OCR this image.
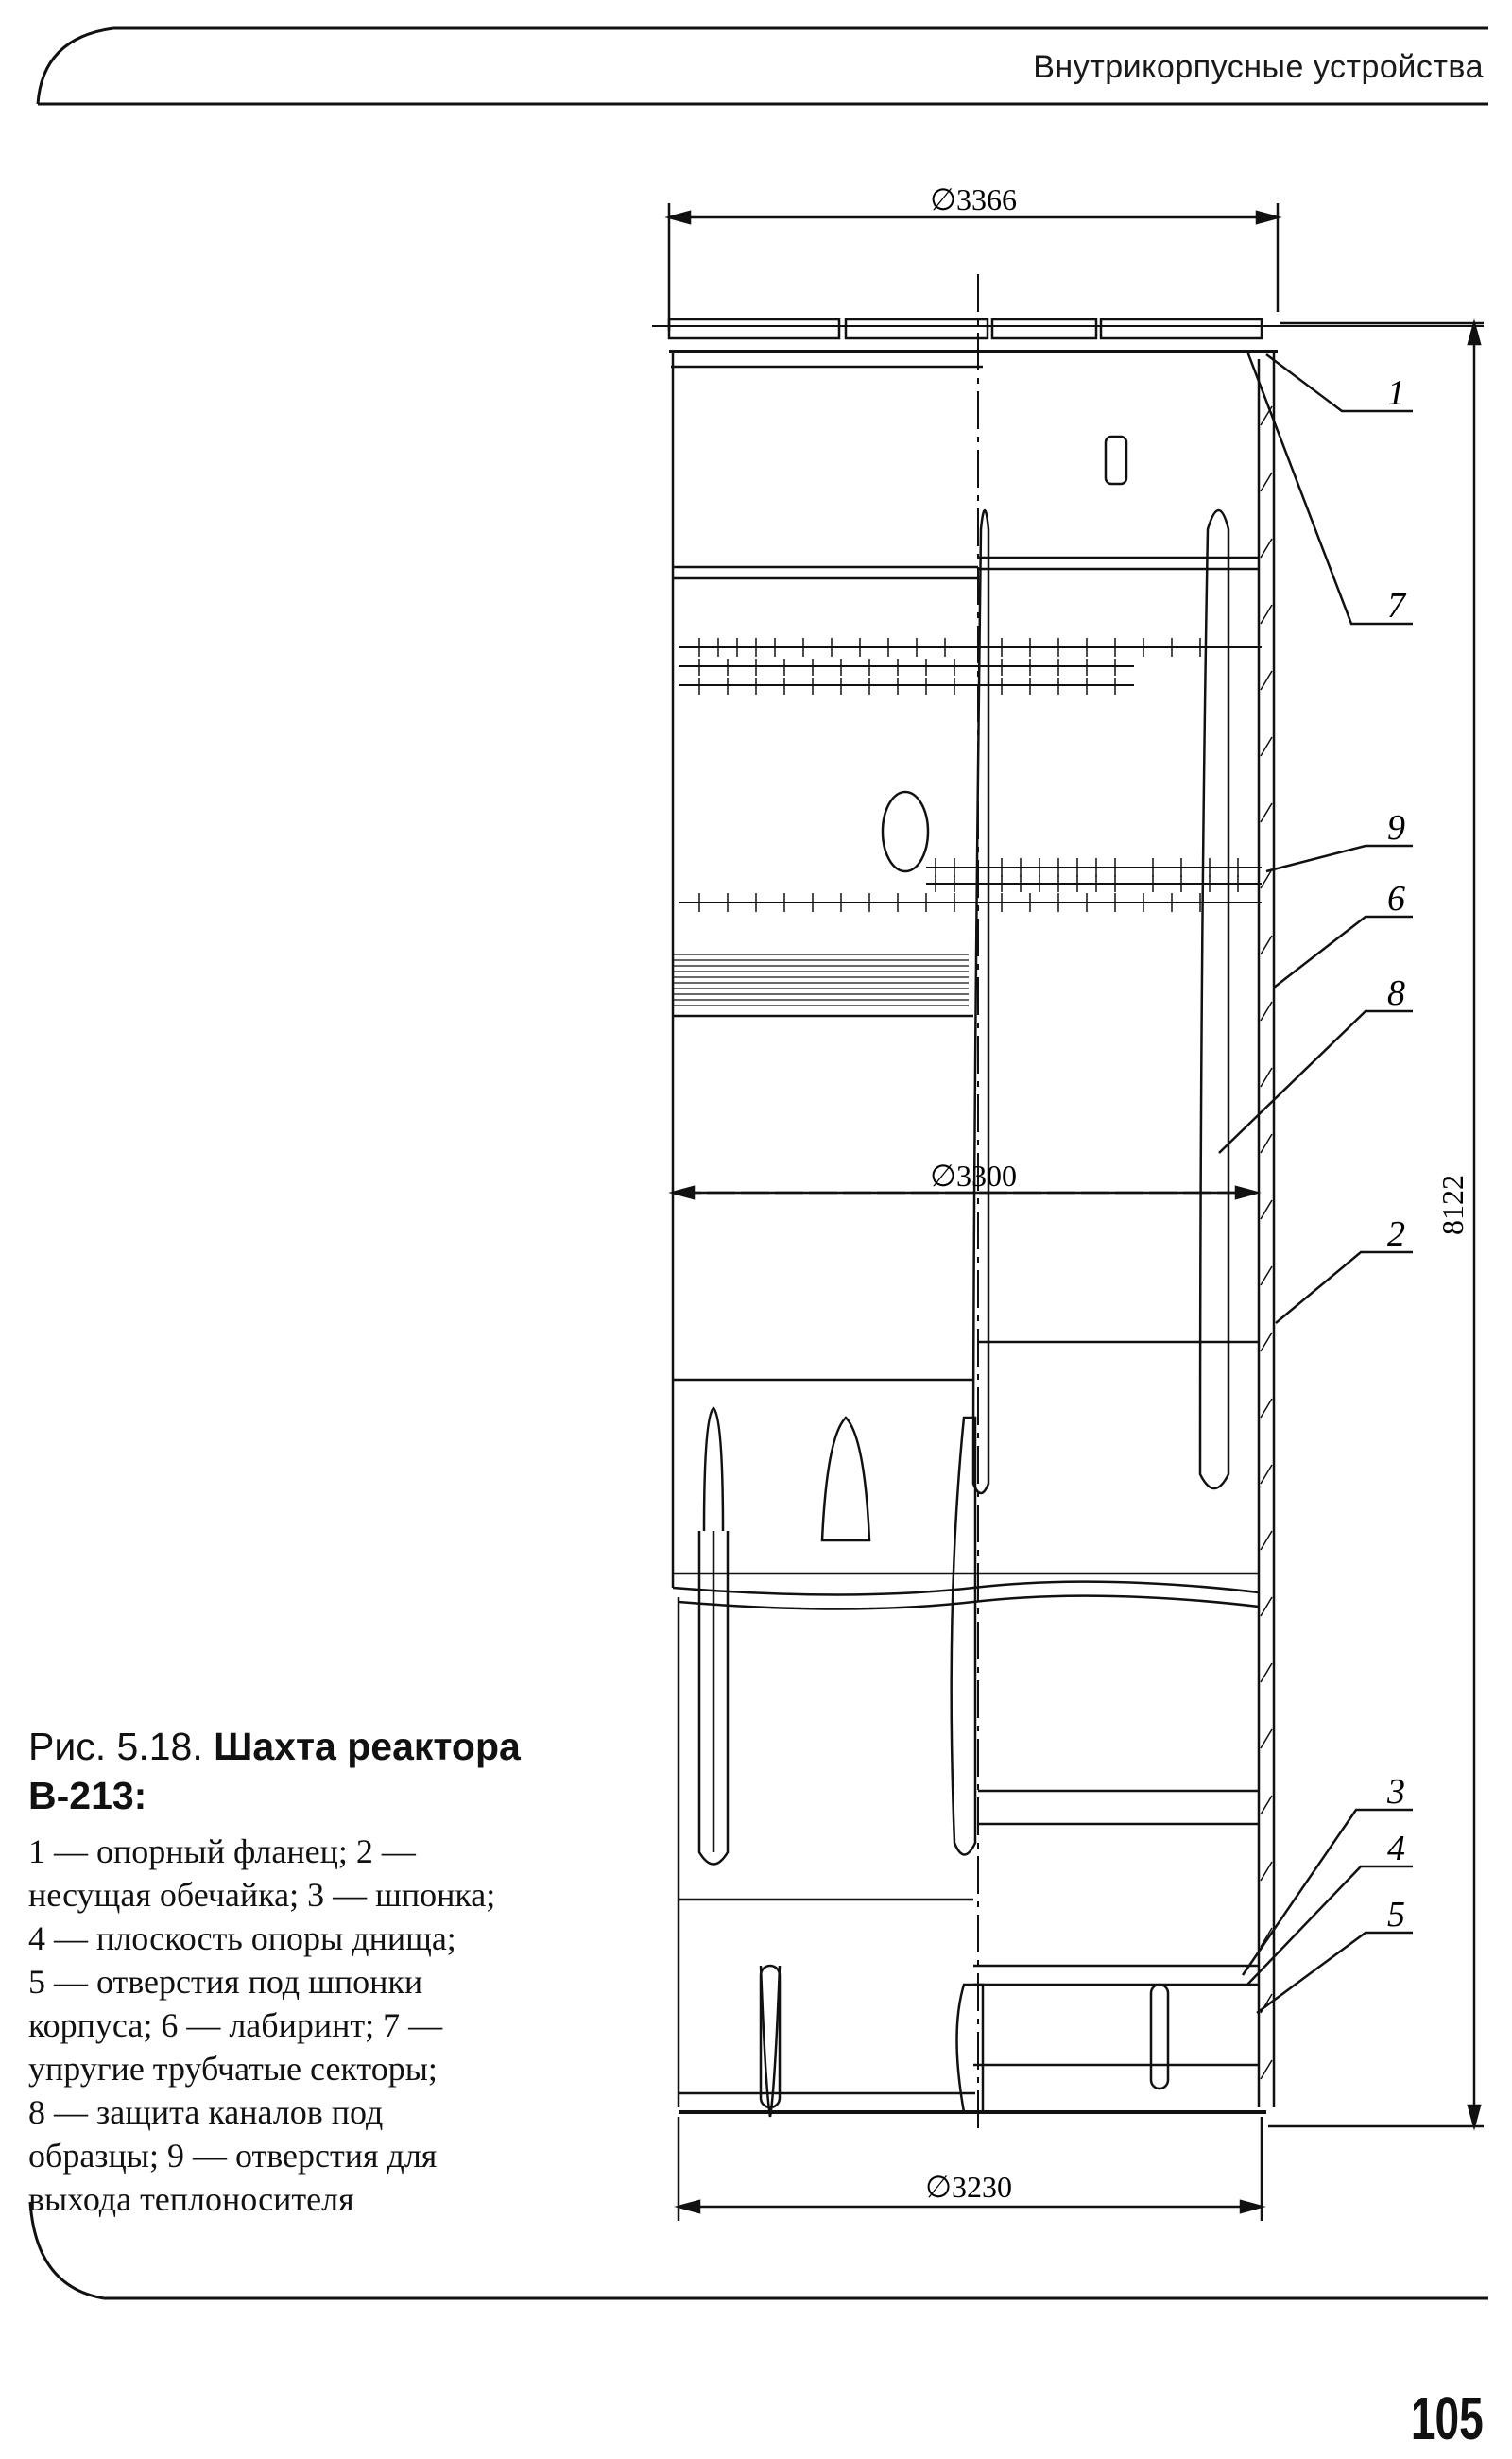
Внутрикорпусные устройства
∅3366
∅3300
∅3230
8122
1
7
9
6
8
2
3
4
5
Рис. 5.18. Шахта реактора В-213:
1 — опорный фланец; 2 —
несущая обечайка; 3 — шпонка;
4 — плоскость опоры днища;
5 — отверстия под шпонки
корпуса; 6 — лабиринт; 7 —
упругие трубчатые секторы;
8 — защита каналов под
образцы; 9 — отверстия для
выхода теплоносителя
105
